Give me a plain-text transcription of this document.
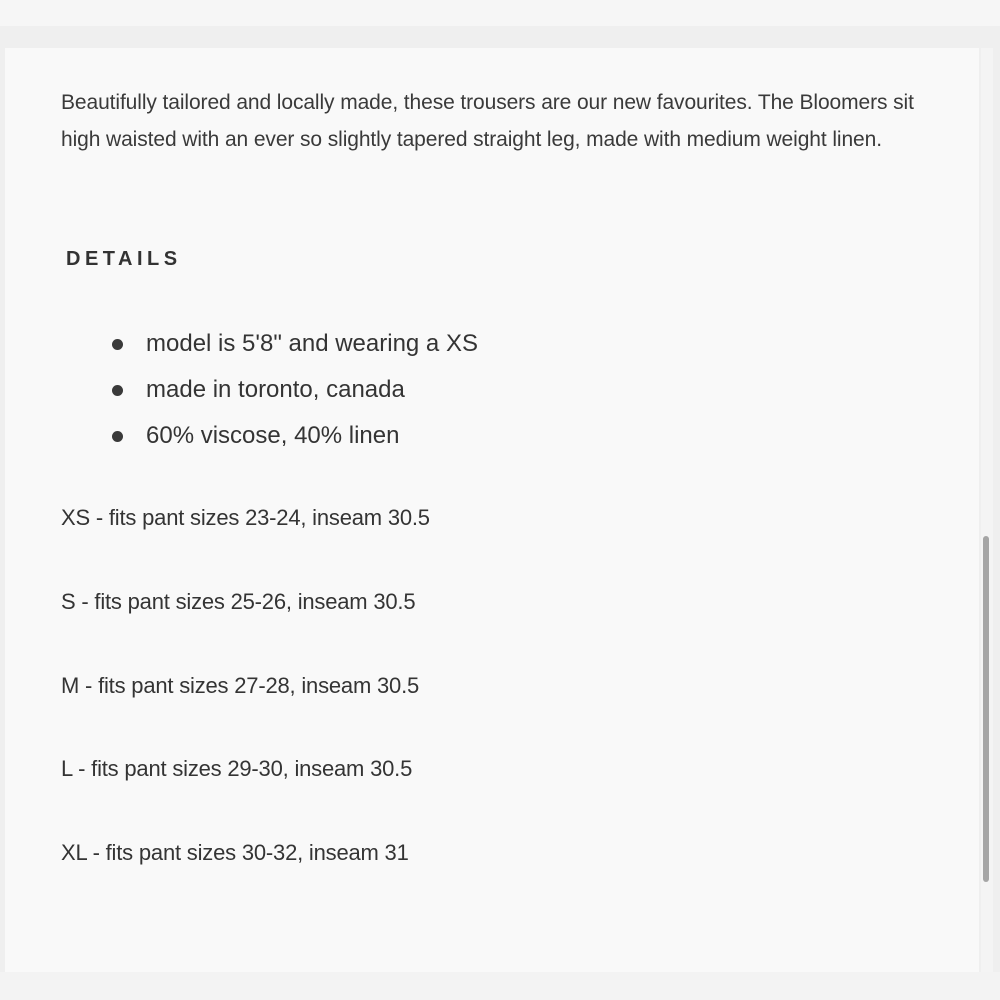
Beautifully tailored and locally made, these trousers are our new favourites. The Bloomers sit high waisted with an ever so slightly tapered straight leg, made with medium weight linen.

DETAILS
model is 5'8" and wearing a XS
made in toronto, canada
60% viscose, 40% linen

XS - fits pant sizes 23-24, inseam 30.5

S - fits pant sizes 25-26, inseam 30.5

M - fits pant sizes 27-28, inseam 30.5

L - fits pant sizes 29-30, inseam 30.5

XL - fits pant sizes 30-32, inseam 31
